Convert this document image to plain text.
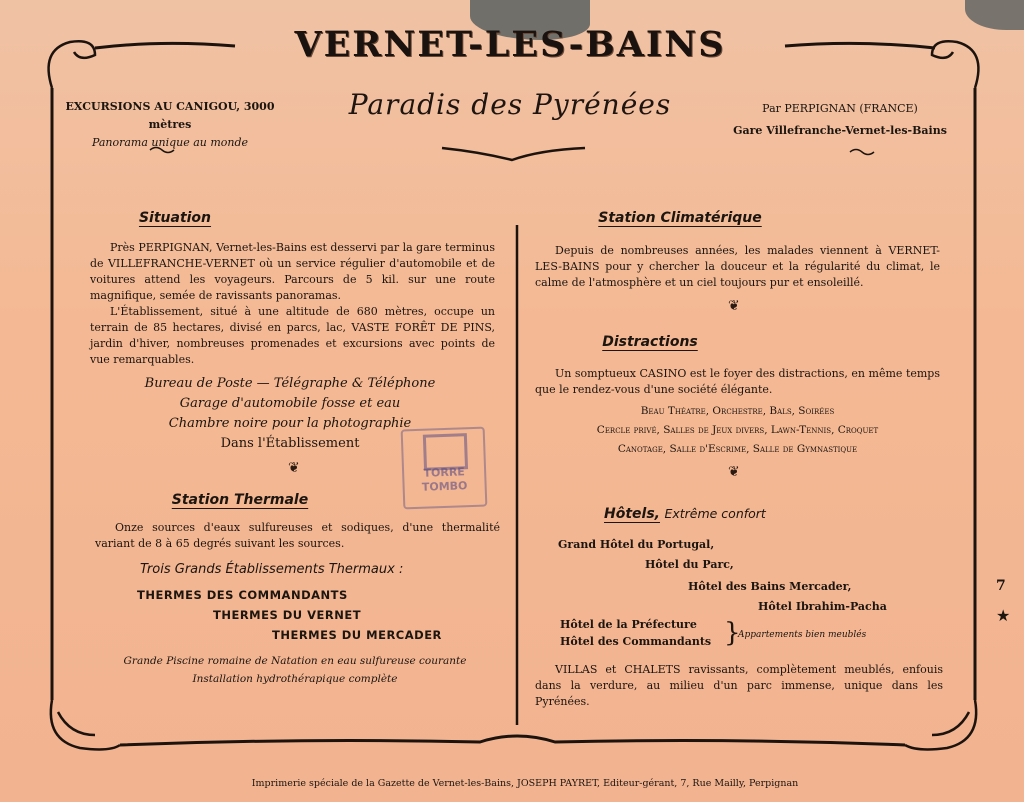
VERNET-LES-BAINS
Paradis des Pyrénées
EXCURSIONS AU CANIGOU, 3000 mètres
Panorama unique au monde
Par PERPIGNAN (FRANCE)
Gare Villefranche-Vernet-les-Bains
Situation
Près PERPIGNAN, Vernet-les-Bains est desservi par la gare terminus de VILLEFRANCHE-VERNET où un service régulier d'automobile et de voitures attend les voyageurs. Parcours de 5 kil. sur une route magnifique, semée de ravissants panoramas.
L'Établissement, situé à une altitude de 680 mètres, occupe un terrain de 85 hectares, divisé en parcs, lac, VASTE FORÊT DE PINS, jardin d'hiver, nombreuses promenades et excursions avec points de vue remarquables.
Bureau de Poste — Télégraphe & Téléphone
Garage d'automobile fosse et eau
Chambre noire pour la photographie
Dans l'Établissement
❦
Station Thermale
Onze sources d'eaux sulfureuses et sodiques, d'une thermalité variant de 8 à 65 degrés suivant les sources.
Trois Grands Établissements Thermaux :
THERMES DES COMMANDANTS
THERMES DU VERNET
THERMES DU MERCADER
Grande Piscine romaine de Natation en eau sulfureuse courante
Installation hydrothérapique complète
TORRE
TOMBO
Station Climatérique
Depuis de nombreuses années, les malades viennent à VERNET-LES-BAINS pour y chercher la douceur et la régularité du climat, le calme de l'atmosphère et un ciel toujours pur et ensoleillé.
❦
Distractions
Un somptueux CASINO est le foyer des distractions, en même temps que le rendez-vous d'une société élégante.
Beau Théatre, Orchestre, Bals, Soirées
Cercle privé, Salles de Jeux divers, Lawn-Tennis, Croquet
Canotage, Salle d'Escrime, Salle de Gymnastique
❦
Hôtels, Extrême confort
Grand Hôtel du Portugal,
Hôtel du Parc,
Hôtel des Bains Mercader,
Hôtel Ibrahim-Pacha
Hôtel de la Préfecture
Hôtel des Commandants }
Appartements bien meublés
VILLAS et CHALETS ravissants, complètement meublés, enfouis dans la verdure, au milieu d'un parc immense, unique dans les Pyrénées.
7
★
Imprimerie spéciale de la Gazette de Vernet-les-Bains, JOSEPH PAYRET, Editeur-gérant, 7, Rue Mailly, Perpignan
